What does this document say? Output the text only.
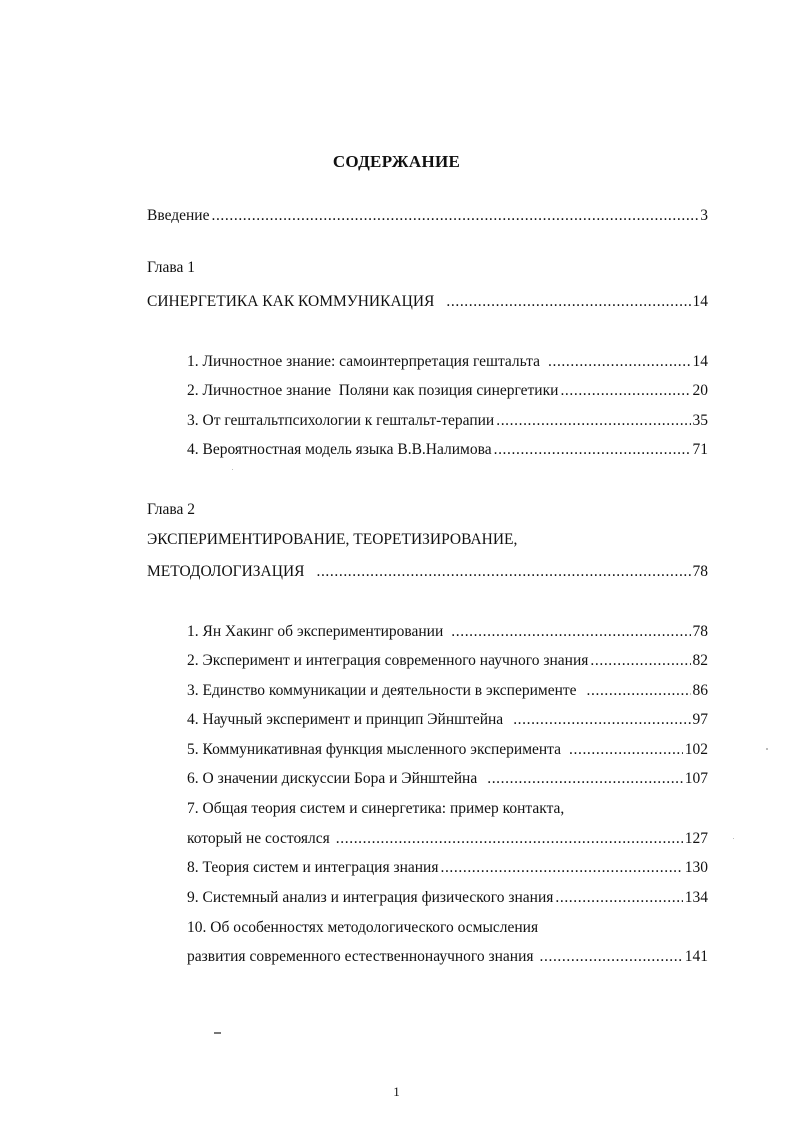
СОДЕРЖАНИЕ
Введение .....	3
Глава 1
СИНЕРГЕТИКА КАК КОММУНИКАЦИЯ .....	14
1. Личностное знание: самоинтерпретация гештальта .....	14
2. Личностное знание  Поляни как позиция синергетики .....	20
3. От гештальтпсихологии к гештальт-терапии .....	35
4. Вероятностная модель языка В.В.Налимова .....	71
Глава 2
ЭКСПЕРИМЕНТИРОВАНИЕ, ТЕОРЕТИЗИРОВАНИЕ,
МЕТОДОЛОГИЗАЦИЯ .....	78
1. Ян Хакинг об экспериментировании .....	78
2. Эксперимент и интеграция современного научного знания .....	82
3. Единство коммуникации и деятельности в эксперименте .....	86
4. Научный эксперимент и принцип Эйнштейна .....	97
5. Коммуникативная функция мысленного эксперимента .....	102
6. О значении дискуссии Бора и Эйнштейна .....	107
7. Общая теория систем и синергетика: пример контакта,
который не состоялся .....	127
8. Теория систем и интеграция знания .....	130
9. Системный анализ и интеграция физического знания .....	134
10. Об особенностях методологического осмысления
развития современного естественнонаучного знания .....	141
1
